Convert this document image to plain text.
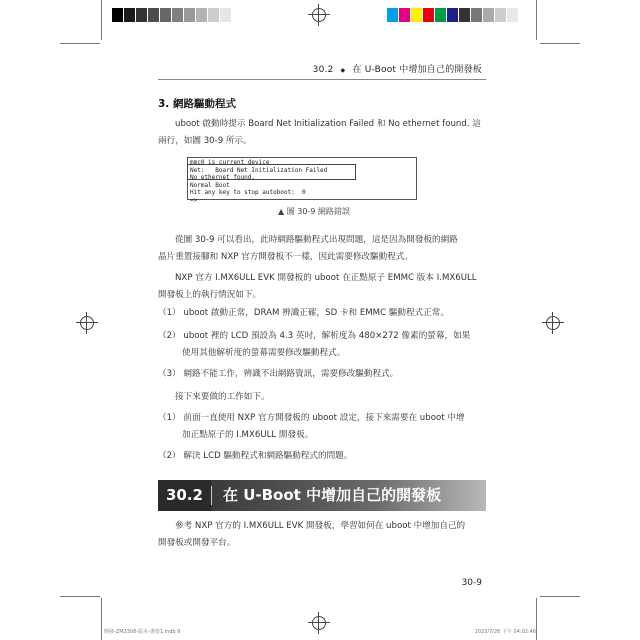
30.2 ◆ 在 U-Boot 中增加自己的開發板
3. 網路驅動程式
uboot 啟動時提示 Board Net Initialization Failed 和 No ethernet found. 這
兩行，如圖 30-9 所示。
mmc0 is current device
Net:   Board Net Initialization Failed
No ethernet found.
Normal Boot
Hit any key to stop autoboot:  0
=>
▲ 圖 30-9 網路錯誤
從圖 30-9 可以看出，此時網路驅動程式出現問題，這是因為開發板的網路
晶片重置接腳和 NXP 官方開發板不一樣，因此需要修改驅動程式。
NXP 官方 I.MX6ULL EVK 開發板的 uboot 在正點原子 EMMC 版本 I.MX6ULL
開發板上的執行情況如下。
（1） uboot 啟動正常，DRAM 辨識正確，SD 卡和 EMMC 驅動程式正常。
（2） uboot 裡的 LCD 預設為 4.3 英吋，解析度為 480×272 像素的螢幕，如果
使用其他解析度的螢幕需要修改驅動程式。
（3） 網路不能工作，辨識不出網路資訊，需要修改驅動程式。
接下來要做的工作如下。
（1） 前面一直使用 NXP 官方開發板的 uboot 設定，接下來需要在 uboot 中增
加正點原子的 I.MX6ULL 開發板。
（2） 解決 LCD 驅動程式和網路驅動程式的問題。
30.2	在 U-Boot 中增加自己的開發板
參考 NXP 官方的 I.MX6ULL EVK 開發板，學習如何在 uboot 中增加自己的
開發板或開發平台。
30-9
開發-ZM2308-版本-書排1.indb 9	2023/7/26 下午 04:02:46
